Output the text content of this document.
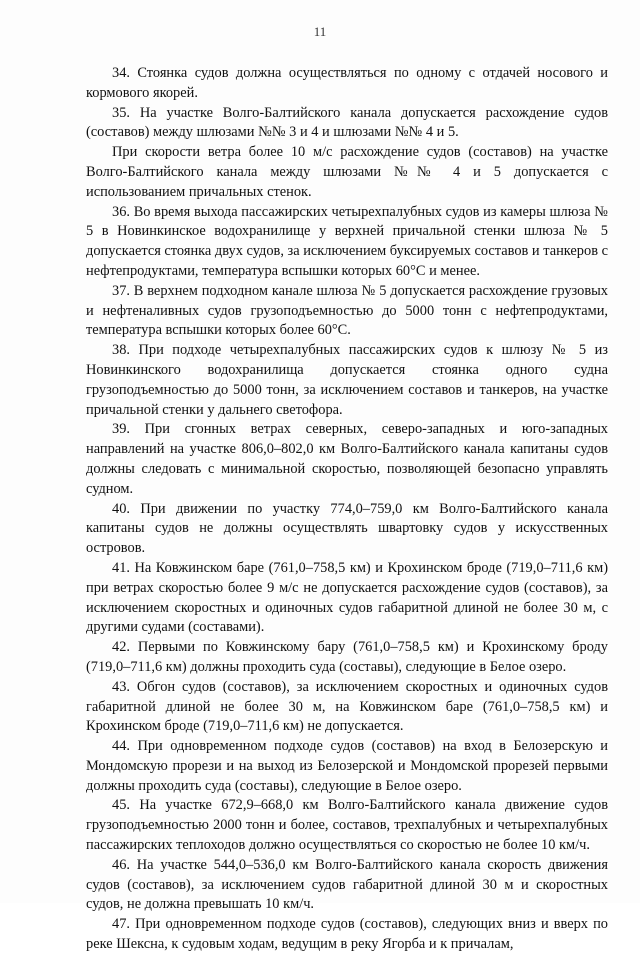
11

34. Стоянка судов должна осуществляться по одному с отдачей носового и кормового якорей.

35. На участке Волго-Балтийского канала допускается расхождение судов (составов) между шлюзами №№ 3 и 4 и шлюзами №№ 4 и 5.

При скорости ветра более 10 м/с расхождение судов (составов) на участке Волго-Балтийского канала между шлюзами №№ 4 и 5 допускается с использованием причальных стенок.

36. Во время выхода пассажирских четырехпалубных судов из камеры шлюза № 5 в Новинкинское водохранилище у верхней причальной стенки шлюза № 5 допускается стоянка двух судов, за исключением буксируемых составов и танкеров с нефтепродуктами, температура вспышки которых 60°С и менее.

37. В верхнем подходном канале шлюза № 5 допускается расхождение грузовых и нефтеналивных судов грузоподъемностью до 5000 тонн с нефтепродуктами, температура вспышки которых более 60°С.

38. При подходе четырехпалубных пассажирских судов к шлюзу № 5 из Новинкинского водохранилища допускается стоянка одного судна грузоподъемностью до 5000 тонн, за исключением составов и танкеров, на участке причальной стенки у дальнего светофора.

39. При сгонных ветрах северных, северо-западных и юго-западных направлений на участке 806,0–802,0 км Волго-Балтийского канала капитаны судов должны следовать с минимальной скоростью, позволяющей безопасно управлять судном.

40. При движении по участку 774,0–759,0 км Волго-Балтийского канала капитаны судов не должны осуществлять швартовку судов у искусственных островов.

41. На Ковжинском баре (761,0–758,5 км) и Крохинском броде (719,0–711,6 км) при ветрах скоростью более 9 м/с не допускается расхождение судов (составов), за исключением скоростных и одиночных судов габаритной длиной не более 30 м, с другими судами (составами).

42. Первыми по Ковжинскому бару (761,0–758,5 км) и Крохинскому броду (719,0–711,6 км) должны проходить суда (составы), следующие в Белое озеро.

43. Обгон судов (составов), за исключением скоростных и одиночных судов габаритной длиной не более 30 м, на Ковжинском баре (761,0–758,5 км) и Крохинском броде (719,0–711,6 км) не допускается.

44. При одновременном подходе судов (составов) на вход в Белозерскую и Мондомскую прорези и на выход из Белозерской и Мондомской прорезей первыми должны проходить суда (составы), следующие в Белое озеро.

45. На участке 672,9–668,0 км Волго-Балтийского канала движение судов грузоподъемностью 2000 тонн и более, составов, трехпалубных и четырехпалубных пассажирских теплоходов должно осуществляться со скоростью не более 10 км/ч.

46. На участке 544,0–536,0 км Волго-Балтийского канала скорость движения судов (составов), за исключением судов габаритной длиной 30 м и скоростных судов, не должна превышать 10 км/ч.

47. При одновременном подходе судов (составов), следующих вниз и вверх по реке Шексна, к судовым ходам, ведущим в реку Ягорба и к причалам,
